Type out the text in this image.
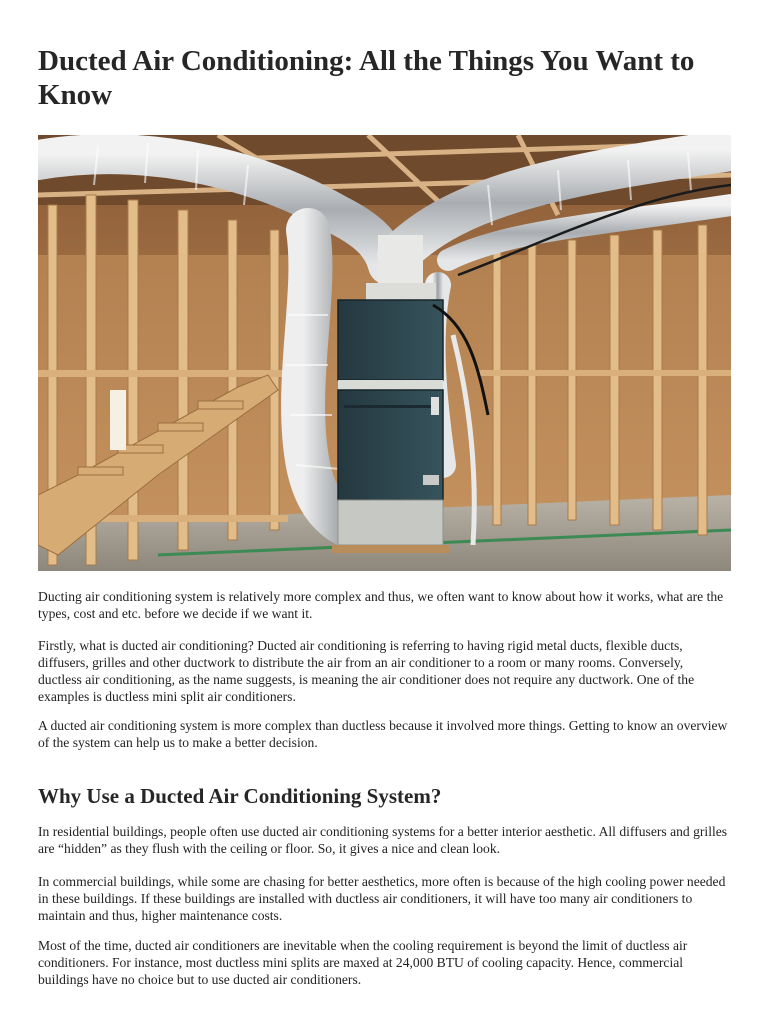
Ducted Air Conditioning: All the Things You Want to Know

Ducting air conditioning system is relatively more complex and thus, we often want to know about how it works, what are the types, cost and etc. before we decide if we want it.

Firstly, what is ducted air conditioning? Ducted air conditioning is referring to having rigid metal ducts, flexible ducts, diffusers, grilles and other ductwork to distribute the air from an air conditioner to a room or many rooms. Conversely, ductless air conditioning, as the name suggests, is meaning the air conditioner does not require any ductwork. One of the examples is ductless mini split air conditioners.

A ducted air conditioning system is more complex than ductless because it involved more things. Getting to know an overview of the system can help us to make a better decision.

Why Use a Ducted Air Conditioning System?

In residential buildings, people often use ducted air conditioning systems for a better interior aesthetic. All diffusers and grilles are “hidden” as they flush with the ceiling or floor. So, it gives a nice and clean look.

In commercial buildings, while some are chasing for better aesthetics, more often is because of the high cooling power needed in these buildings. If these buildings are installed with ductless air conditioners, it will have too many air conditioners to maintain and thus, higher maintenance costs.

Most of the time, ducted air conditioners are inevitable when the cooling requirement is beyond the limit of ductless air conditioners. For instance, most ductless mini splits are maxed at 24,000 BTU of cooling capacity. Hence, commercial buildings have no choice but to use ducted air conditioners.
